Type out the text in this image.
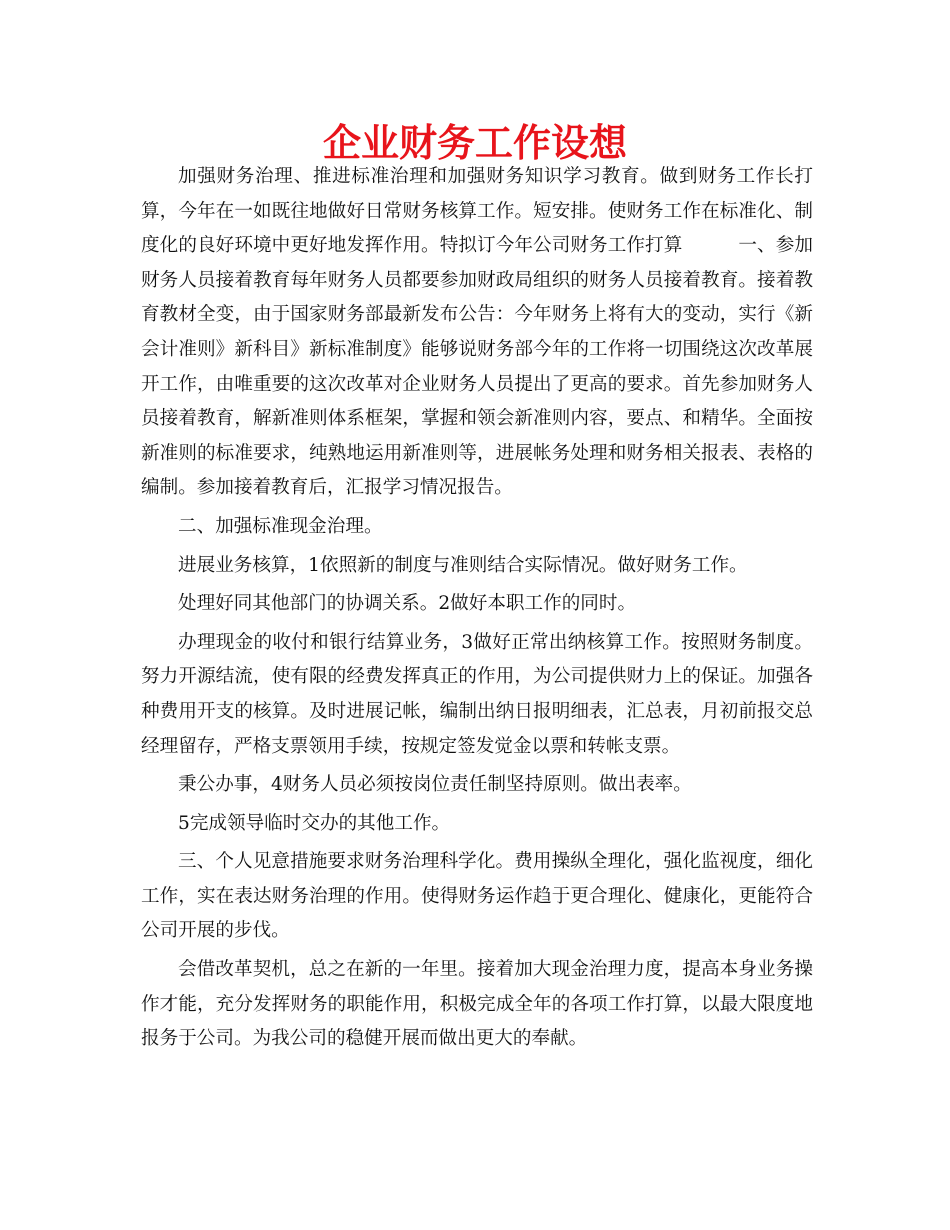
企业财务工作设想

加强财务治理、推进标准治理和加强财务知识学习教育。做到财务工作长打算，今年在一如既往地做好日常财务核算工作。短安排。使财务工作在标准化、制度化的良好环境中更好地发挥作用。特拟订今年公司财务工作打算　　　一、参加财务人员接着教育每年财务人员都要参加财政局组织的财务人员接着教育。接着教育教材全变，由于国家财务部最新发布公告：今年财务上将有大的变动，实行《新会计准则》新科目》新标准制度》能够说财务部今年的工作将一切围绕这次改革展开工作，由唯重要的这次改革对企业财务人员提出了更高的要求。首先参加财务人员接着教育，解新准则体系框架，掌握和领会新准则内容，要点、和精华。全面按新准则的标准要求，纯熟地运用新准则等，进展帐务处理和财务相关报表、表格的编制。参加接着教育后，汇报学习情况报告。

二、加强标准现金治理。

进展业务核算，1依照新的制度与准则结合实际情况。做好财务工作。

处理好同其他部门的协调关系。2做好本职工作的同时。

办理现金的收付和银行结算业务，3做好正常出纳核算工作。按照财务制度。努力开源结流，使有限的经费发挥真正的作用，为公司提供财力上的保证。加强各种费用开支的核算。及时进展记帐，编制出纳日报明细表，汇总表，月初前报交总经理留存，严格支票领用手续，按规定签发觉金以票和转帐支票。

秉公办事，4财务人员必须按岗位责任制坚持原则。做出表率。

5完成领导临时交办的其他工作。

三、个人见意措施要求财务治理科学化。费用操纵全理化，强化监视度，细化工作，实在表达财务治理的作用。使得财务运作趋于更合理化、健康化，更能符合公司开展的步伐。

会借改革契机，总之在新的一年里。接着加大现金治理力度，提高本身业务操作才能，充分发挥财务的职能作用，积极完成全年的各项工作打算，以最大限度地报务于公司。为我公司的稳健开展而做出更大的奉献。
